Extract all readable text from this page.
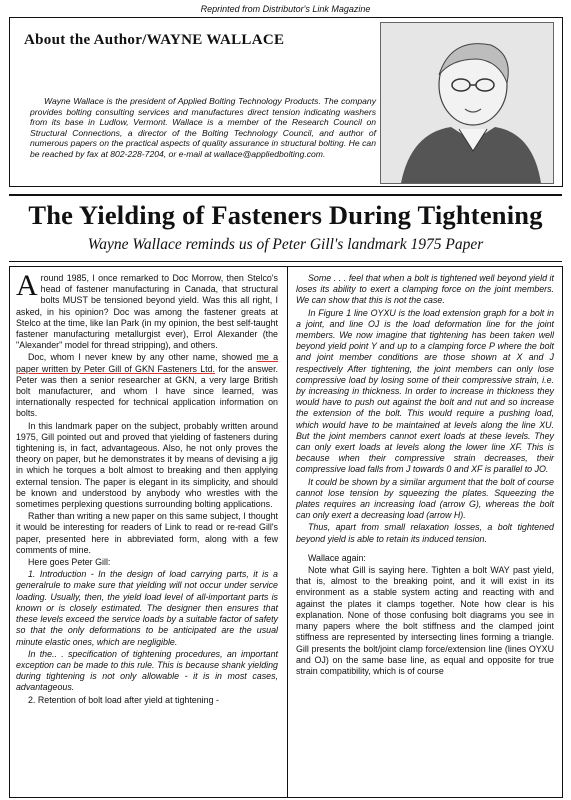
Reprinted from Distributor's Link Magazine
About the Author/WAYNE WALLACE
Wayne Wallace is the president of Applied Bolting Technology Products. The company provides bolting consulting services and manufactures direct tension indicating washers from its base in Ludlow, Vermont. Wallace is a member of the Research Council on Structural Connections, a director of the Bolting Technology Council, and author of numerous papers on the practical aspects of quality assurance in structural bolting. He can be reached by fax at 802-228-7204, or e-mail at wallace@appliedbolting.com.
The Yielding of Fasteners During Tightening
Wayne Wallace reminds us of Peter Gill's landmark 1975 Paper

Around 1985, I once remarked to Doc Morrow, then Stelco's head of fastener manufacturing in Canada, that structural bolts MUST be tensioned beyond yield. Was this all right, I asked, in his opinion? Doc was among the fastener greats at Stelco at the time, like Ian Park (in my opinion, the best self-taught fastener manufacturing metallurgist ever), Errol Alexander (the "Alexander" model for thread stripping), and others.

Doc, whom I never knew by any other name, showed me a paper written by Peter Gill of GKN Fasteners Ltd. for the answer. Peter was then a senior researcher at GKN, a very large British bolt manufacturer, and whom I have since learned, was internationally respected for technical application information on bolts.

In this landmark paper on the subject, probably written around 1975, Gill pointed out and proved that yielding of fasteners during tightening is, in fact, advantageous. Also, he not only proves the theory on paper, but he demonstrates it by means of devising a jig in which he torques a bolt almost to breaking and then applying external tension. The paper is elegant in its simplicity, and should be known and understood by anybody who wrestles with the sometimes perplexing questions surrounding bolting applications.

Rather than writing a new paper on this same subject, I thought it would be interesting for readers of Link to read or re-read Gill's paper, presented here in abbreviated form, along with a few comments of mine.

Here goes Peter Gill:

1. Introduction - In the design of load carrying parts, it is a generalrule to make sure that yielding will not occur under service loading. Usually, then, the yield load level of all-important parts is known or is closely estimated. The designer then ensures that these levels exceed the service loads by a suitable factor of safety so that the only deformations to be anticipated are the usual minute elastic ones, which are negligible.

In the.. . specification of tightening procedures, an important exception can be made to this rule. This is because shank yielding during tightening is not only allowable - it is in most cases, advantageous.

2. Retention of bolt load after yield at tightening -

Some . . . feel that when a bolt is tightened well beyond yield it loses its ability to exert a clamping force on the joint members. We can show that this is not the case.

In Figure 1 line OYXU is the load extension graph for a bolt in a joint, and line OJ is the load deformation line for the joint members. We now imagine that tightening has been taken well beyond yield point Y and up to a clamping force P where the bolt and joint member conditions are those shown at X and J respectively After tightening, the joint members can only lose compressive load by losing some of their compressive strain, i.e. by increasing in thickness. In order to increase in thickness they would have to push out against the bolt and nut and so increase the extension of the bolt. This would require a pushing load, which would have to be maintained at levels along the line XU. But the joint members cannot exert loads at these levels. They can only exert loads at levels along the lower line XF. This is because when their compressive strain decreases, their compressive load falls from J towards 0 and XF is parallel to JO.

It could be shown by a similar argument that the bolt of course cannot lose tension by squeezing the plates. Squeezing the plates requires an increasing load (arrow G), whereas the bolt can only exert a decreasing load (arrow H).

Thus, apart from small relaxation losses, a bolt tightened beyond yield is able to retain its induced tension.

Wallace again:

Note what Gill is saying here. Tighten a bolt WAY past yield, that is, almost to the breaking point, and it will exist in its environment as a stable system acting and reacting with and against the plates it clamps together. Note how clear is his explanation. None of those confusing bolt diagrams you see in many papers where the bolt stiffness and the clamped joint stiffness are represented by intersecting lines forming a triangle. Gill presents the bolt/joint clamp force/extension line (lines OYXU and OJ) on the same base line, as equal and opposite for true strain compatibility, which is of course
